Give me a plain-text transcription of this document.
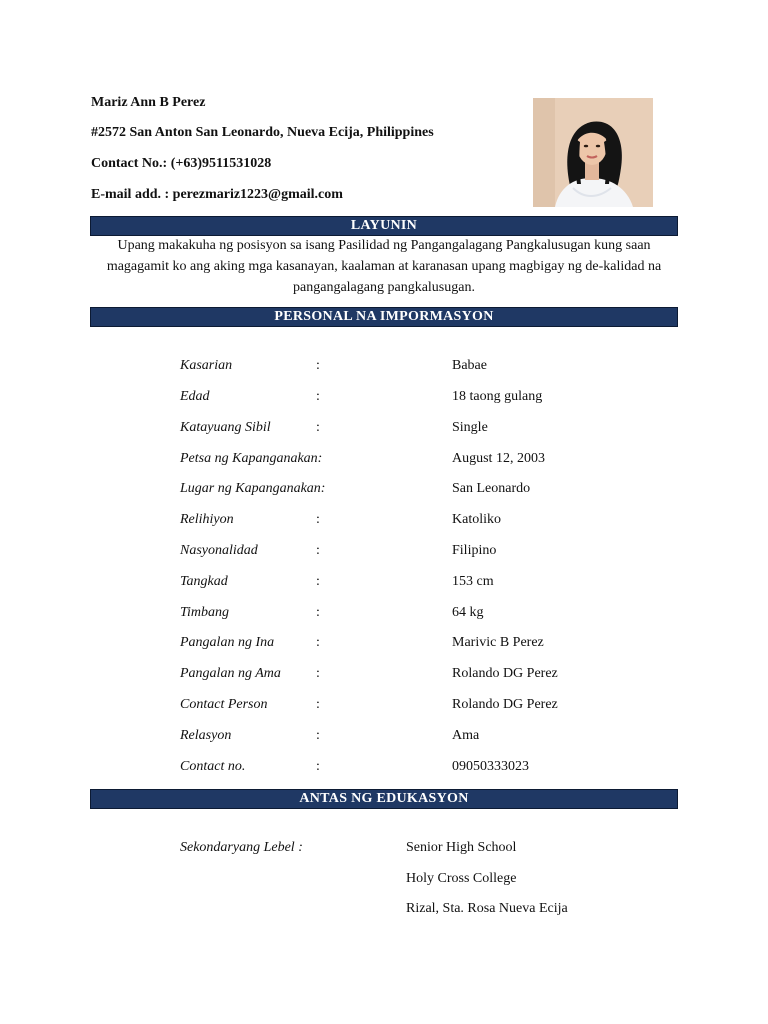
Mariz Ann B Perez
#2572 San Anton San Leonardo, Nueva Ecija, Philippines
Contact No.: (+63)9511531028
E-mail add. : perezmariz1223@gmail.com
LAYUNIN
Upang makakuha ng posisyon sa isang Pasilidad ng Pangangalagang Pangkalusugan kung saan magagamit ko ang aking mga kasanayan, kaalaman at karanasan upang magbigay ng de-kalidad na pangangalagang pangkalusugan.
PERSONAL NA IMPORMASYON
Kasarian	:	Babae
Edad	:	18 taong gulang
Katayuang Sibil	:	Single
Petsa ng Kapanganakan:	August 12, 2003
Lugar ng Kapanganakan:	San Leonardo
Relihiyon	:	Katoliko
Nasyonalidad	:	Filipino
Tangkad	:	153 cm
Timbang	:	64 kg
Pangalan ng Ina	:	Marivic B Perez
Pangalan ng Ama	:	Rolando DG Perez
Contact Person	:	Rolando DG Perez
Relasyon	:	Ama
Contact no.	:	09050333023
ANTAS NG EDUKASYON
Sekondaryang Lebel :	Senior High School
Holy Cross College
Rizal, Sta. Rosa Nueva Ecija
